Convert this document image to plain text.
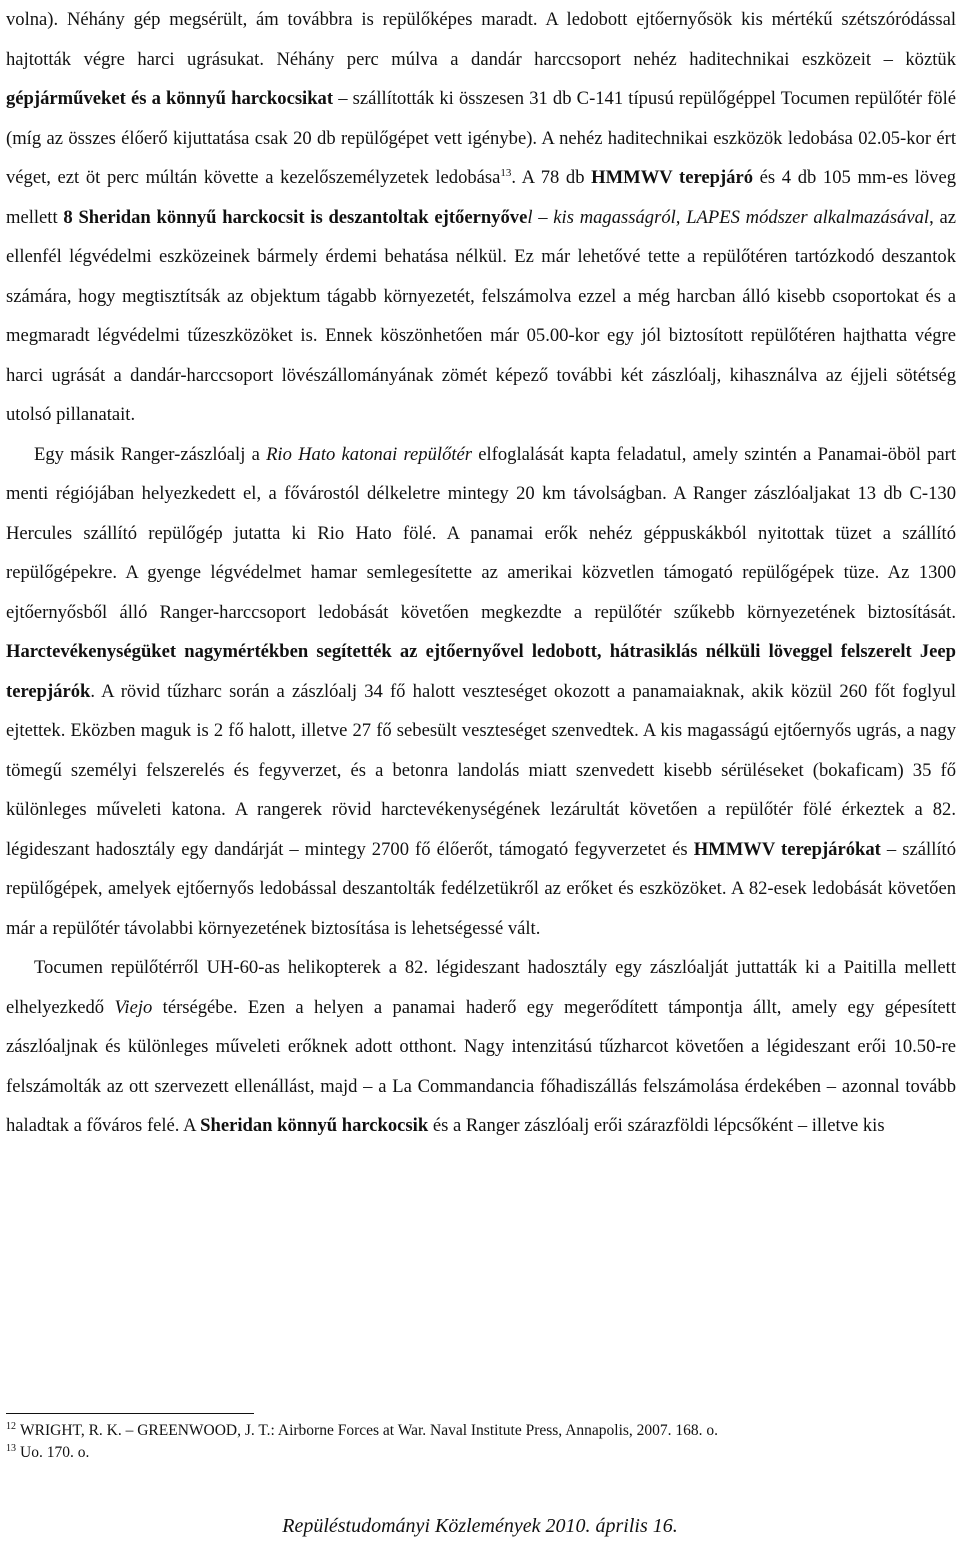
volna). Néhány gép megsérült, ám továbbra is repülőképes maradt. A ledobott ejtőernyősök kis mértékű szétszóródással hajtották végre harci ugrásukat. Néhány perc múlva a dandár harccsoport nehéz haditechnikai eszközeit – köztük gépjárműveket és a könnyű harckocsikat – szállították ki összesen 31 db C-141 típusú repülőgéppel Tocumen repülőtér fölé (míg az összes élőerő kijuttatása csak 20 db repülőgépet vett igénybe). A nehéz haditechnikai eszközök ledobása 02.05-kor ért véget, ezt öt perc múltán követte a kezelőszemélyzetek ledobása$^{13}$. A 78 db HMMWV terepjáró és 4 db 105 mm-es löveg mellett 8 Sheridan könnyű harckocsit is deszantoltak ejtőernyővel – kis magasságról, LAPES módszer alkalmazásával, az ellenfél légvédelmi eszközeinek bármely érdemi behatása nélkül. Ez már lehetővé tette a repülőtéren tartózkodó deszantok számára, hogy megtisztítsák az objektum tágabb környezetét, felszámolva ezzel a még harcban álló kisebb csoportokat és a megmaradt légvédelmi tűzeszközöket is. Ennek köszönhetően már 05.00-kor egy jól biztosított repülőtéren hajthatta végre harci ugrását a dandár-harccsoport lövészállományának zömét képező további két zászlóalj, kihasználva az éjjeli sötétség utolsó pillanatait.

Egy másik Ranger-zászlóalj a Rio Hato katonai repülőtér elfoglalását kapta feladatul, amely szintén a Panamai-öböl part menti régiójában helyezkedett el, a fővárostól délkeletre mintegy 20 km távolságban. A Ranger zászlóaljakat 13 db C-130 Hercules szállító repülőgép jutatta ki Rio Hato fölé. A panamai erők nehéz géppuskákból nyitottak tüzet a szállító repülőgépekre. A gyenge légvédelmet hamar semlegesítette az amerikai közvetlen támogató repülőgépek tüze. Az 1300 ejtőernyősből álló Ranger-harccsoport ledobását követően megkezdte a repülőtér szűkebb környezetének biztosítását. Harctevékenységüket nagymértékben segítették az ejtőernyővel ledobott, hátrasiklás nélküli löveggel felszerelt Jeep terepjárók. A rövid tűzharc során a zászlóalj 34 fő halott veszteséget okozott a panamaiaknak, akik közül 260 főt foglyul ejtettek. Eközben maguk is 2 fő halott, illetve 27 fő sebesült veszteséget szenvedtek. A kis magasságú ejtőernyős ugrás, a nagy tömegű személyi felszerelés és fegyverzet, és a betonra landolás miatt szenvedett kisebb sérüléseket (bokaficam) 35 fő különleges műveleti katona. A rangerek rövid harctevékenységének lezárultát követően a repülőtér fölé érkeztek a 82. légideszant hadosztály egy dandárját – mintegy 2700 fő élőerőt, támogató fegyverzetet és HMMWV terepjárókat – szállító repülőgépek, amelyek ejtőernyős ledobással deszantolták fedélzetükről az erőket és eszközöket. A 82-esek ledobását követően már a repülőtér távolabbi környezetének biztosítása is lehetségessé vált.

Tocumen repülőtérről UH-60-as helikopterek a 82. légideszant hadosztály egy zászlóalját juttatták ki a Paitilla mellett elhelyezkedő Viejo térségébe. Ezen a helyen a panamai haderő egy megerődített támpontja állt, amely egy gépesített zászlóaljnak és különleges műveleti erőknek adott otthont. Nagy intenzitású tűzharcot követően a légideszant erői 10.50-re felszámolták az ott szervezett ellenállást, majd – a La Commandancia főhadiszállás felszámolása érdekében – azonnal tovább haladtak a főváros felé. A Sheridan könnyű harckocsik és a Ranger zászlóalj erői szárazföldi lépcsőként – illetve kis

$^{12}$ WRIGHT, R. K. – GREENWOOD, J. T.: Airborne Forces at War. Naval Institute Press, Annapolis, 2007. 168. o.

$^{13}$ Uo. 170. o.

Repüléstudományi Közlemények 2010. április 16.
